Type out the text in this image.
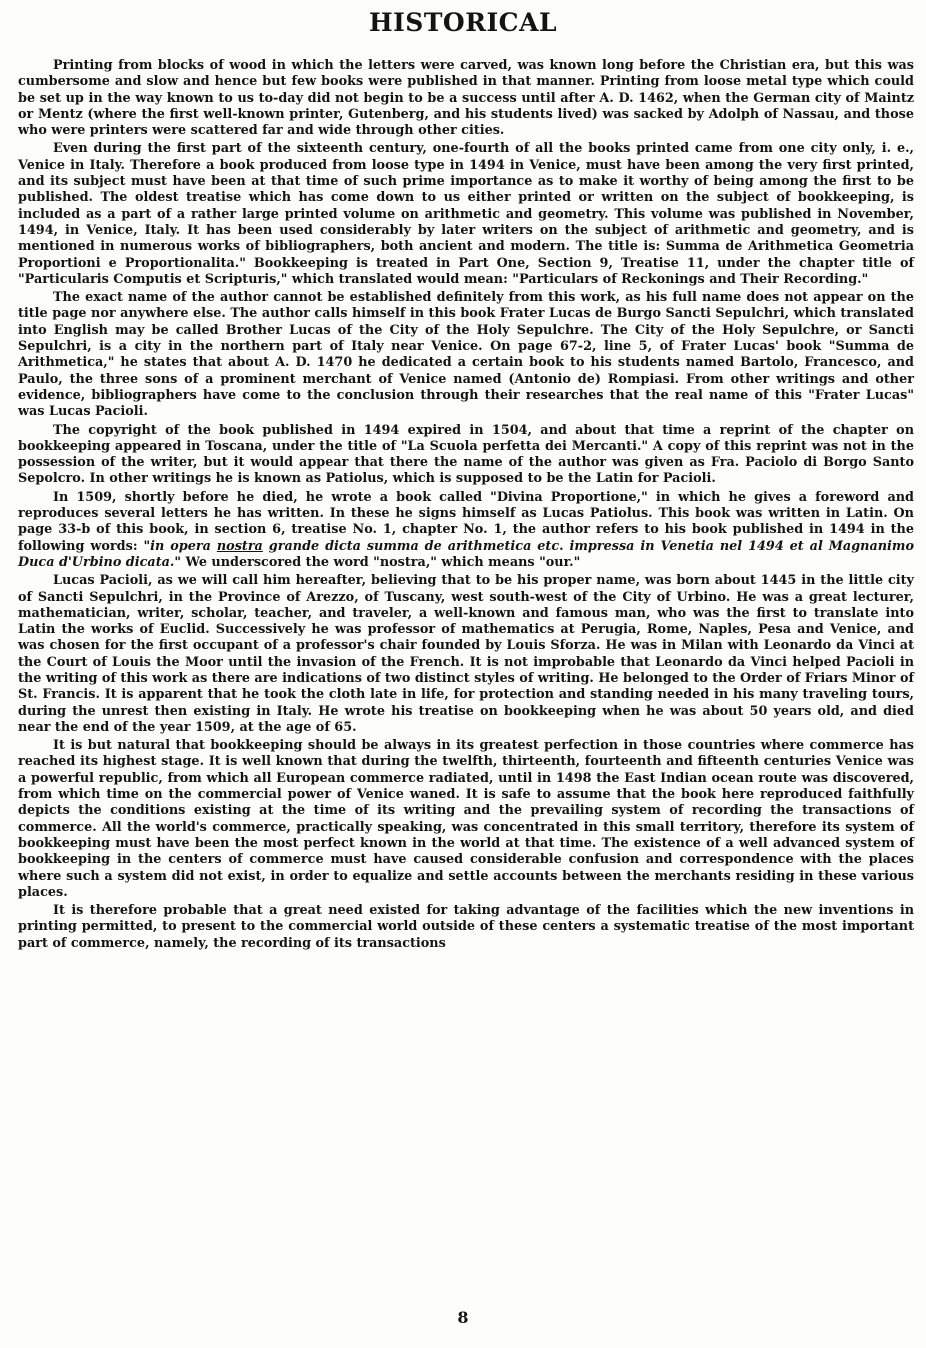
HISTORICAL

Printing from blocks of wood in which the letters were carved, was known long before the Christian era, but this was cumbersome and slow and hence but few books were published in that manner. Printing from loose metal type which could be set up in the way known to us to-day did not begin to be a success until after A. D. 1462, when the German city of Maintz or Mentz (where the first well-known printer, Gutenberg, and his students lived) was sacked by Adolph of Nassau, and those who were printers were scattered far and wide through other cities.

Even during the first part of the sixteenth century, one-fourth of all the books printed came from one city only, i. e., Venice in Italy. Therefore a book produced from loose type in 1494 in Venice, must have been among the very first printed, and its subject must have been at that time of such prime importance as to make it worthy of being among the first to be published. The oldest treatise which has come down to us either printed or written on the subject of bookkeeping, is included as a part of a rather large printed volume on arithmetic and geometry. This volume was published in November, 1494, in Venice, Italy. It has been used considerably by later writers on the subject of arithmetic and geometry, and is mentioned in numerous works of bibliographers, both ancient and modern. The title is: Summa de Arithmetica Geometria Proportioni e Proportionalita." Bookkeeping is treated in Part One, Section 9, Treatise 11, under the chapter title of "Particularis Computis et Scripturis," which translated would mean: "Particulars of Reckonings and Their Recording."

The exact name of the author cannot be established definitely from this work, as his full name does not appear on the title page nor anywhere else. The author calls himself in this book Frater Lucas de Burgo Sancti Sepulchri, which translated into English may be called Brother Lucas of the City of the Holy Sepulchre. The City of the Holy Sepulchre, or Sancti Sepulchri, is a city in the northern part of Italy near Venice. On page 67-2, line 5, of Frater Lucas' book "Summa de Arithmetica," he states that about A. D. 1470 he dedicated a certain book to his students named Bartolo, Francesco, and Paulo, the three sons of a prominent merchant of Venice named (Antonio de) Rompiasi. From other writings and other evidence, bibliographers have come to the conclusion through their researches that the real name of this "Frater Lucas" was Lucas Pacioli.

The copyright of the book published in 1494 expired in 1504, and about that time a reprint of the chapter on bookkeeping appeared in Toscana, under the title of "La Scuola perfetta dei Mercanti." A copy of this reprint was not in the possession of the writer, but it would appear that there the name of the author was given as Fra. Paciolo di Borgo Santo Sepolcro. In other writings he is known as Patiolus, which is supposed to be the Latin for Pacioli.

In 1509, shortly before he died, he wrote a book called "Divina Proportione," in which he gives a foreword and reproduces several letters he has written. In these he signs himself as Lucas Patiolus. This book was written in Latin. On page 33-b of this book, in section 6, treatise No. 1, chapter No. 1, the author refers to his book published in 1494 in the following words: "in opera nostra grande dicta summa de arithmetica etc. impressa in Venetia nel 1494 et al Magnanimo Duca d'Urbino dicata." We underscored the word "nostra," which means "our."

Lucas Pacioli, as we will call him hereafter, believing that to be his proper name, was born about 1445 in the little city of Sancti Sepulchri, in the Province of Arezzo, of Tuscany, west south-west of the City of Urbino. He was a great lecturer, mathematician, writer, scholar, teacher, and traveler, a well-known and famous man, who was the first to translate into Latin the works of Euclid. Successively he was professor of mathematics at Perugia, Rome, Naples, Pesa and Venice, and was chosen for the first occupant of a professor's chair founded by Louis Sforza. He was in Milan with Leonardo da Vinci at the Court of Louis the Moor until the invasion of the French. It is not improbable that Leonardo da Vinci helped Pacioli in the writing of this work as there are indications of two distinct styles of writing. He belonged to the Order of Friars Minor of St. Francis. It is apparent that he took the cloth late in life, for protection and standing needed in his many traveling tours, during the unrest then existing in Italy. He wrote his treatise on bookkeeping when he was about 50 years old, and died near the end of the year 1509, at the age of 65.

It is but natural that bookkeeping should be always in its greatest perfection in those countries where commerce has reached its highest stage. It is well known that during the twelfth, thirteenth, fourteenth and fifteenth centuries Venice was a powerful republic, from which all European commerce radiated, until in 1498 the East Indian ocean route was discovered, from which time on the commercial power of Venice waned. It is safe to assume that the book here reproduced faithfully depicts the conditions existing at the time of its writing and the prevailing system of recording the transactions of commerce. All the world's commerce, practically speaking, was concentrated in this small territory, therefore its system of bookkeeping must have been the most perfect known in the world at that time. The existence of a well advanced system of bookkeeping in the centers of commerce must have caused considerable confusion and correspondence with the places where such a system did not exist, in order to equalize and settle accounts between the merchants residing in these various places.

It is therefore probable that a great need existed for taking advantage of the facilities which the new inventions in printing permitted, to present to the commercial world outside of these centers a systematic treatise of the most important part of commerce, namely, the recording of its transactions

8
